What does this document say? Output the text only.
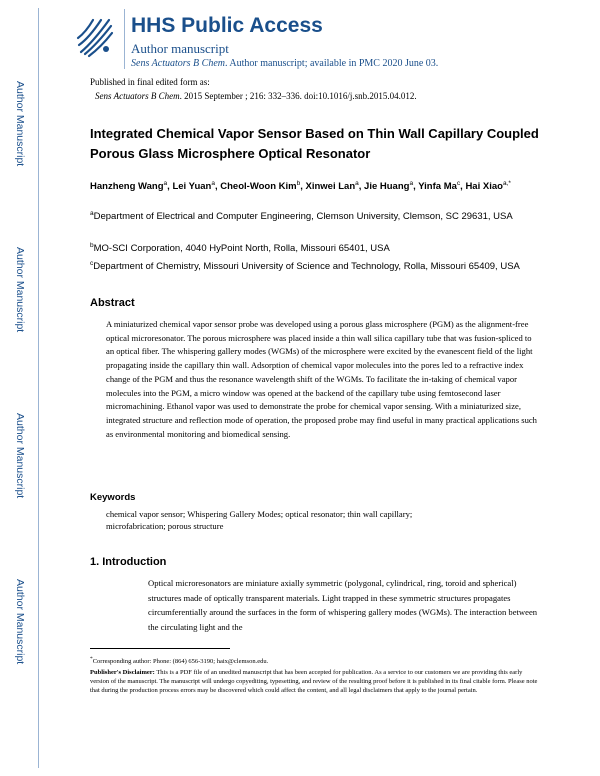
Author Manuscript
Author Manuscript
Author Manuscript
Author Manuscript
HHS Public Access
Author manuscript
Sens Actuators B Chem. Author manuscript; available in PMC 2020 June 03.
Published in final edited form as:
Sens Actuators B Chem. 2015 September ; 216: 332–336. doi:10.1016/j.snb.2015.04.012.
Integrated Chemical Vapor Sensor Based on Thin Wall Capillary Coupled Porous Glass Microsphere Optical Resonator
Hanzheng Wang$^a$, Lei Yuan$^a$, Cheol-Woon Kim$^b$, Xinwei Lan$^a$, Jie Huang$^a$, Yinfa Ma$^c$, Hai Xiao$^{a,*}$
$^a$Department of Electrical and Computer Engineering, Clemson University, Clemson, SC 29631, USA
$^b$MO-SCI Corporation, 4040 HyPoint North, Rolla, Missouri 65401, USA
$^c$Department of Chemistry, Missouri University of Science and Technology, Rolla, Missouri 65409, USA
Abstract
A miniaturized chemical vapor sensor probe was developed using a porous glass microsphere (PGM) as the alignment-free optical microresonator. The porous microsphere was placed inside a thin wall silica capillary tube that was fusion-spliced to an optical fiber. The whispering gallery modes (WGMs) of the microsphere were excited by the evanescent field of the light propagating inside the capillary thin wall. Adsorption of chemical vapor molecules into the pores led to a refractive index change of the PGM and thus the resonance wavelength shift of the WGMs. To facilitate the in-taking of chemical vapor molecules into the PGM, a micro window was opened at the backend of the capillary tube using femtosecond laser micromachining. Ethanol vapor was used to demonstrate the probe for chemical vapor sensing. With a miniaturized size, integrated structure and reflection mode of operation, the proposed probe may find useful in many practical applications such as environmental monitoring and biomedical sensing.
Keywords
chemical vapor sensor; Whispering Gallery Modes; optical resonator; thin wall capillary; microfabrication; porous structure
1. Introduction
Optical microresonators are miniature axially symmetric (polygonal, cylindrical, ring, toroid and spherical) structures made of optically transparent materials. Light trapped in these symmetric structures propagates circumferentially around the surfaces in the form of whispering gallery modes (WGMs). The interaction between the circulating light and the
*Corresponding author: Phone: (864) 656-3190; haix@clemson.edu.
Publisher's Disclaimer: This is a PDF file of an unedited manuscript that has been accepted for publication. As a service to our customers we are providing this early version of the manuscript. The manuscript will undergo copyediting, typesetting, and review of the resulting proof before it is published in its final citable form. Please note that during the production process errors may be discovered which could affect the content, and all legal disclaimers that apply to the journal pertain.
